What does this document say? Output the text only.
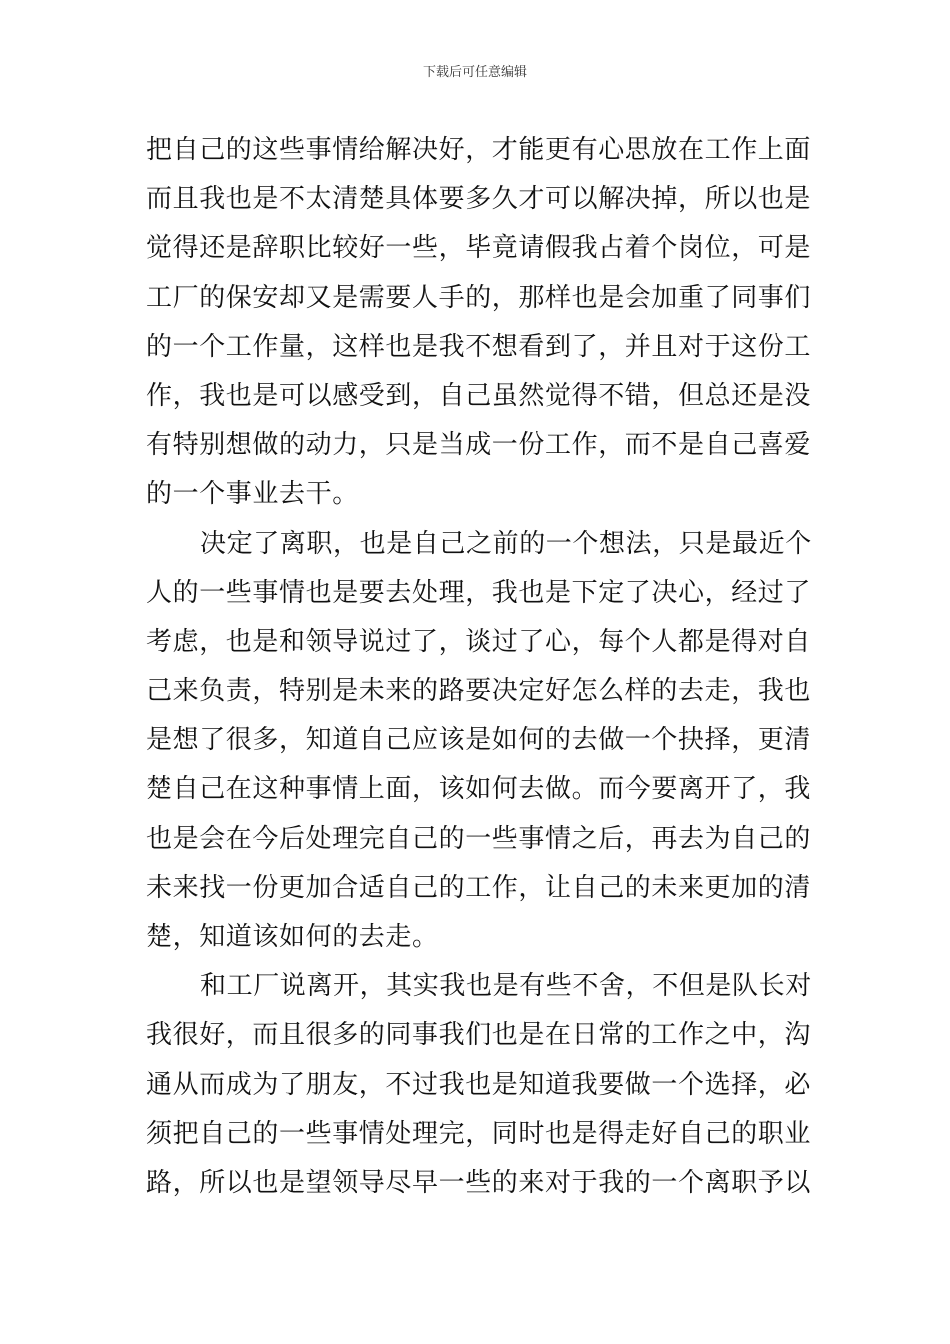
下载后可任意编辑
把自己的这些事情给解决好，才能更有心思放在工作上面
而且我也是不太清楚具体要多久才可以解决掉，所以也是
觉得还是辞职比较好一些，毕竟请假我占着个岗位，可是
工厂的保安却又是需要人手的，那样也是会加重了同事们
的一个工作量，这样也是我不想看到了，并且对于这份工
作，我也是可以感受到，自己虽然觉得不错，但总还是没
有特别想做的动力，只是当成一份工作，而不是自己喜爱
的一个事业去干。
决定了离职，也是自己之前的一个想法，只是最近个
人的一些事情也是要去处理，我也是下定了决心，经过了
考虑，也是和领导说过了，谈过了心，每个人都是得对自
己来负责，特别是未来的路要决定好怎么样的去走，我也
是想了很多，知道自己应该是如何的去做一个抉择，更清
楚自己在这种事情上面，该如何去做。而今要离开了，我
也是会在今后处理完自己的一些事情之后，再去为自己的
未来找一份更加合适自己的工作，让自己的未来更加的清
楚，知道该如何的去走。
和工厂说离开，其实我也是有些不舍，不但是队长对
我很好，而且很多的同事我们也是在日常的工作之中，沟
通从而成为了朋友，不过我也是知道我要做一个选择，必
须把自己的一些事情处理完，同时也是得走好自己的职业
路，所以也是望领导尽早一些的来对于我的一个离职予以
